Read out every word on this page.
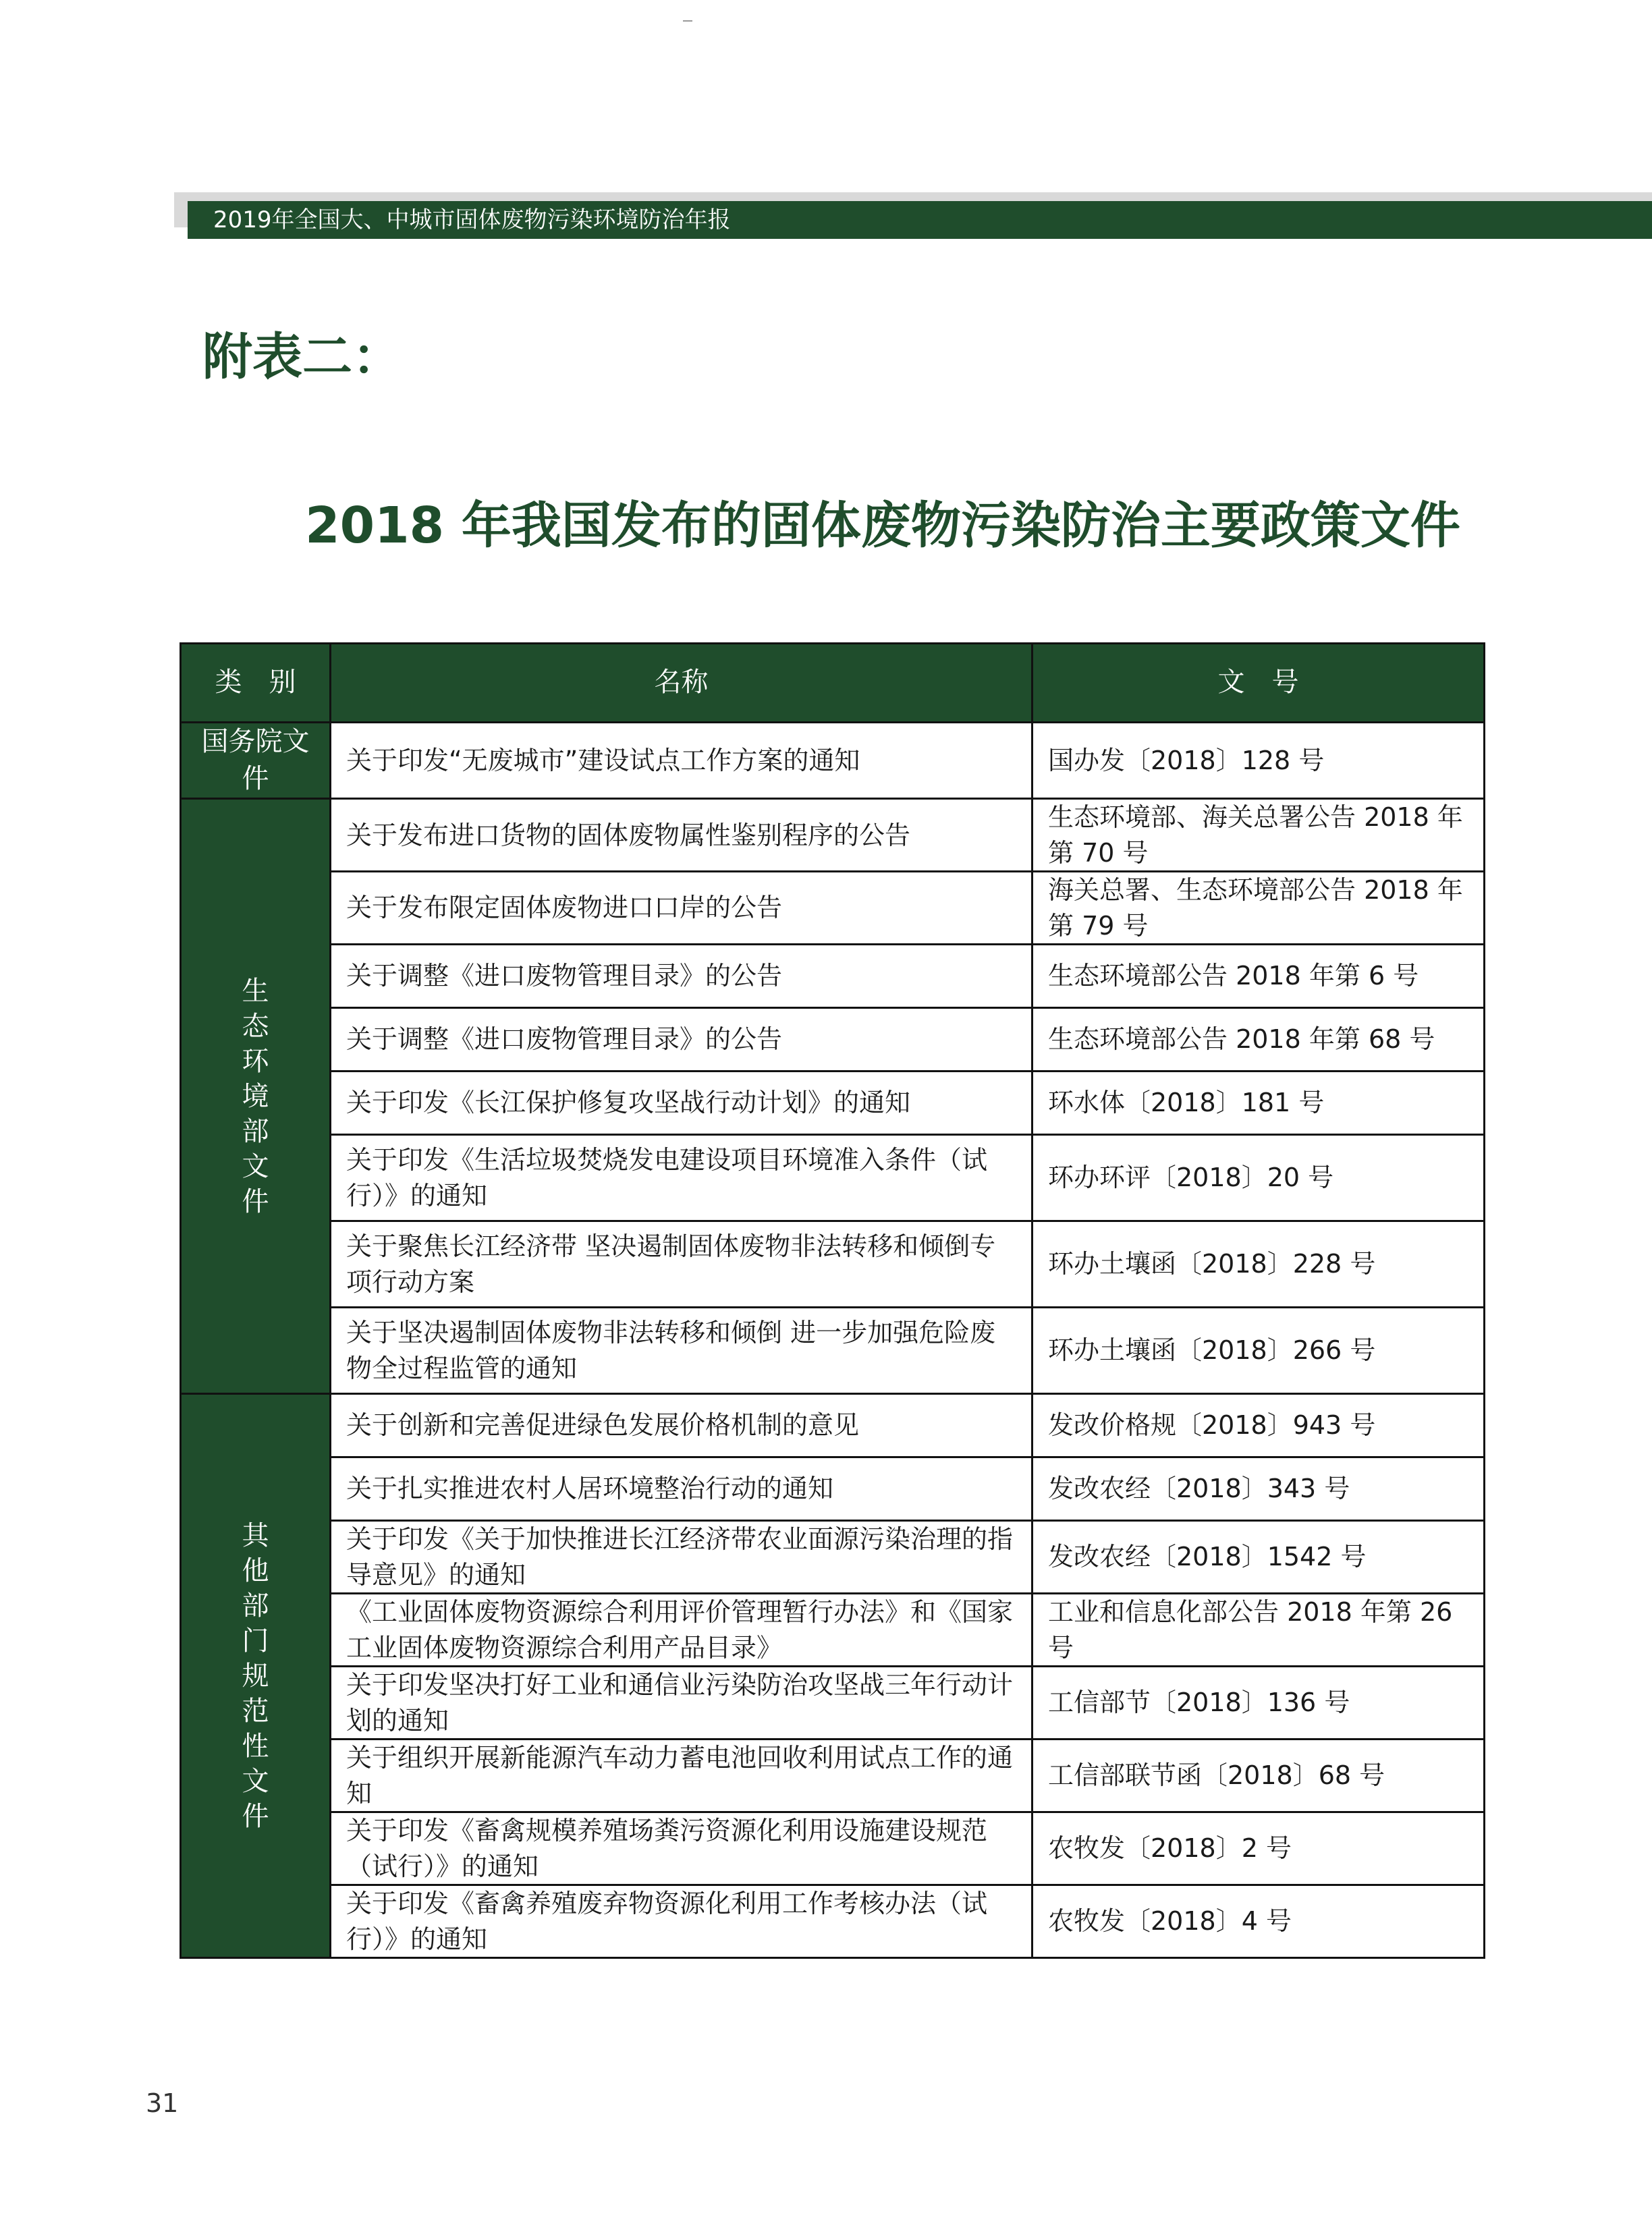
2019年全国大、中城市固体废物污染环境防治年报
附表二：
2018 年我国发布的固体废物污染防治主要政策文件
类　别	名称	文　号
国务院文件	关于印发“无废城市”建设试点工作方案的通知	国办发〔2018〕128 号

生态环境部文件	关于发布进口货物的固体废物属性鉴别程序的公告	生态环境部、海关总署公告 2018 年第 70 号
	关于发布限定固体废物进口口岸的公告	海关总署、生态环境部公告 2018 年第 79 号
	关于调整《进口废物管理目录》的公告	生态环境部公告 2018 年第 6 号
	关于调整《进口废物管理目录》的公告	生态环境部公告 2018 年第 68 号
	关于印发《长江保护修复攻坚战行动计划》的通知	环水体〔2018〕181 号
	关于印发《生活垃圾焚烧发电建设项目环境准入条件（试行）》的通知	环办环评〔2018〕20 号
	关于聚焦长江经济带 坚决遏制固体废物非法转移和倾倒专项行动方案	环办土壤函〔2018〕228 号
	关于坚决遏制固体废物非法转移和倾倒 进一步加强危险废物全过程监管的通知	环办土壤函〔2018〕266 号

其他部门规范性文件	关于创新和完善促进绿色发展价格机制的意见	发改价格规〔2018〕943 号
	关于扎实推进农村人居环境整治行动的通知	发改农经〔2018〕343 号
	关于印发《关于加快推进长江经济带农业面源污染治理的指导意见》的通知	发改农经〔2018〕1542 号
	《工业固体废物资源综合利用评价管理暂行办法》和《国家工业固体废物资源综合利用产品目录》	工业和信息化部公告 2018 年第 26 号
	关于印发坚决打好工业和通信业污染防治攻坚战三年行动计划的通知	工信部节〔2018〕136 号
	关于组织开展新能源汽车动力蓄电池回收利用试点工作的通知	工信部联节函〔2018〕68 号
	关于印发《畜禽规模养殖场粪污资源化利用设施建设规范（试行）》的通知	农牧发〔2018〕2 号
	关于印发《畜禽养殖废弃物资源化利用工作考核办法（试行）》的通知	农牧发〔2018〕4 号
31
